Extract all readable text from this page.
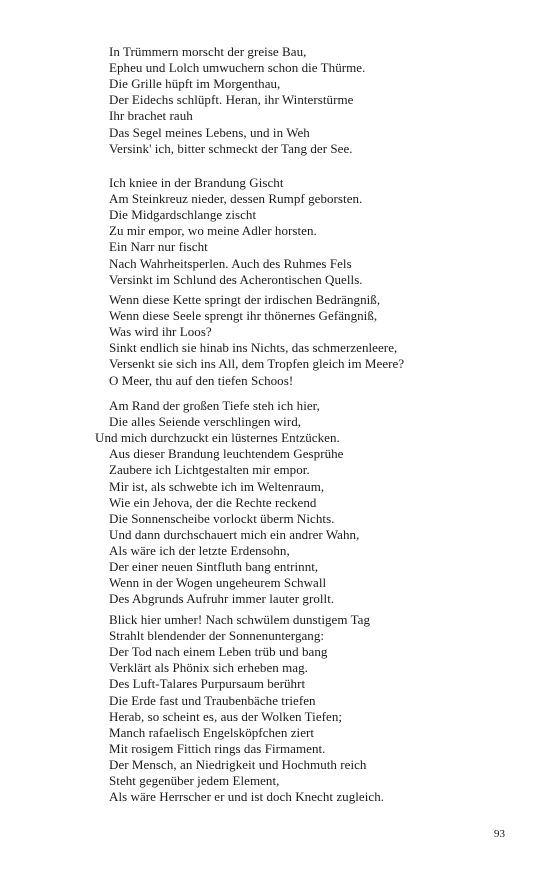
In Trümmern morscht der greise Bau,
Epheu und Lolch umwuchern schon die Thürme.
Die Grille hüpft im Morgenthau,
Der Eidechs schlüpft. Heran, ihr Winterstürme
Ihr brachet rauh
Das Segel meines Lebens, und in Weh
Versink' ich, bitter schmeckt der Tang der See.
Ich kniee in der Brandung Gischt
Am Steinkreuz nieder, dessen Rumpf geborsten.
Die Midgardschlange zischt
Zu mir empor, wo meine Adler horsten.
Ein Narr nur fischt
Nach Wahrheitsperlen. Auch des Ruhmes Fels
Versinkt im Schlund des Acherontischen Quells.
Wenn diese Kette springt der irdischen Bedrängniß,
Wenn diese Seele sprengt ihr thönernes Gefängniß,
Was wird ihr Loos?
Sinkt endlich sie hinab ins Nichts, das schmerzenleere,
Versenkt sie sich ins All, dem Tropfen gleich im Meere?
O Meer, thu auf den tiefen Schoos!
Am Rand der großen Tiefe steh ich hier,
Die alles Seiende verschlingen wird,
Und mich durchzuckt ein lüsternes Entzücken.
Aus dieser Brandung leuchtendem Gesprühe
Zaubere ich Lichtgestalten mir empor.
Mir ist, als schwebte ich im Weltenraum,
Wie ein Jehova, der die Rechte reckend
Die Sonnenscheibe vorlockt überm Nichts.
Und dann durchschauert mich ein andrer Wahn,
Als wäre ich der letzte Erdensohn,
Der einer neuen Sintfluth bang entrinnt,
Wenn in der Wogen ungeheurem Schwall
Des Abgrunds Aufruhr immer lauter grollt.
Blick hier umher! Nach schwülem dunstigem Tag
Strahlt blendender der Sonnenuntergang:
Der Tod nach einem Leben trüb und bang
Verklärt als Phönix sich erheben mag.
Des Luft-Talares Purpursaum berührt
Die Erde fast und Traubenbäche triefen
Herab, so scheint es, aus der Wolken Tiefen;
Manch rafaelisch Engelsköpfchen ziert
Mit rosigem Fittich rings das Firmament.
Der Mensch, an Niedrigkeit und Hochmuth reich
Steht gegenüber jedem Element,
Als wäre Herrscher er und ist doch Knecht zugleich.
93
